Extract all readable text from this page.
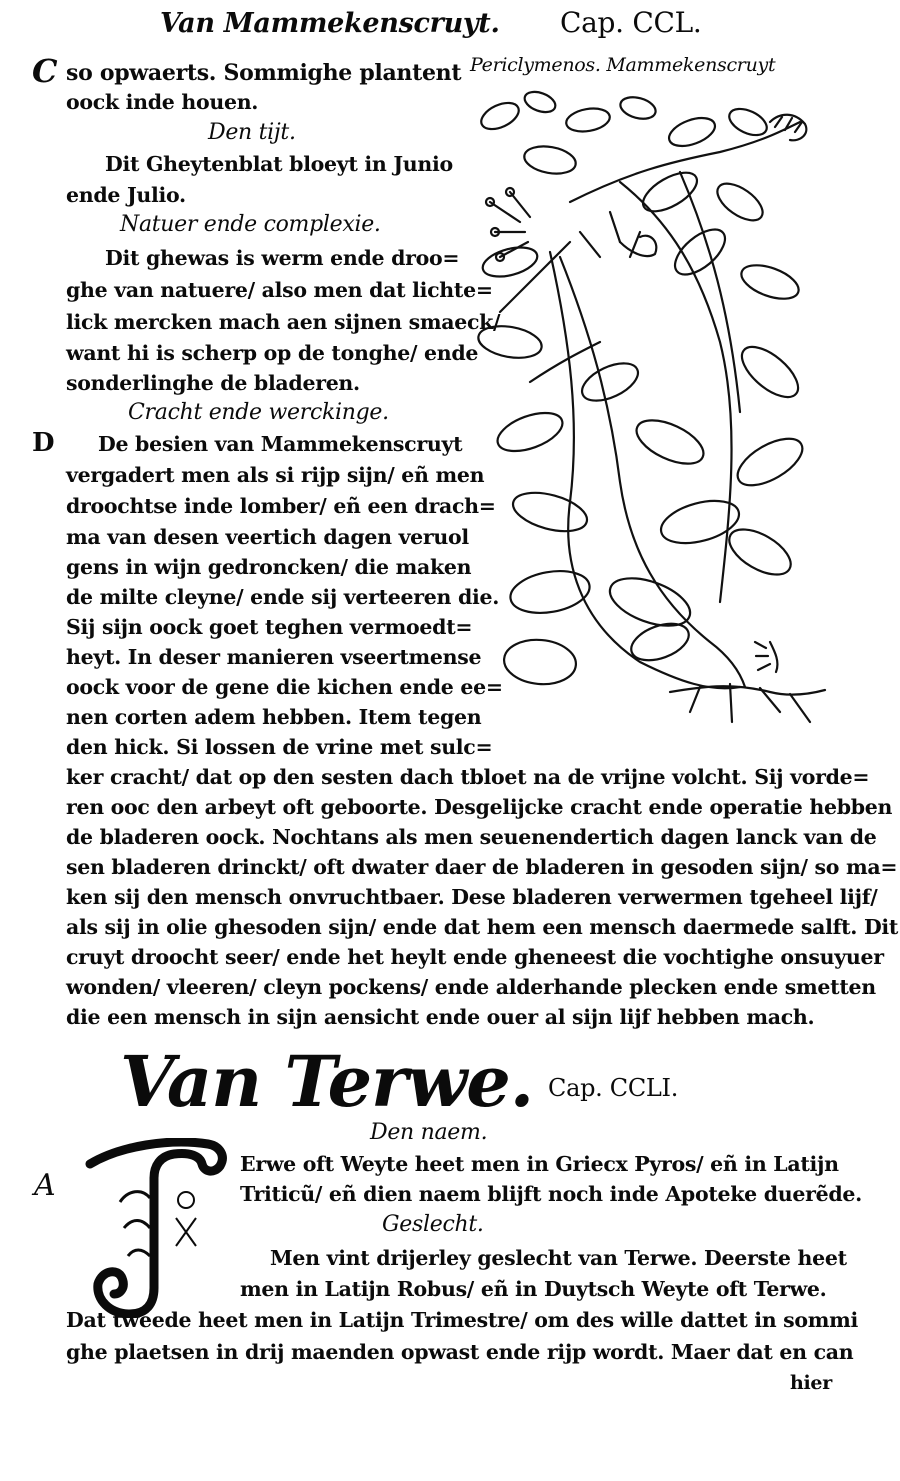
Van Mammekenscruyt. Cap. CCL.
Periclymenos. Mammekenscruyt
C
D
A
so opwaerts. Sommighe plantent
oock inde houen.
Den tijt.
Dit Gheytenblat bloeyt in Junio
ende Julio.
Natuer ende complexie.
Dit ghewas is werm ende droo=
ghe van natuere/ also men dat lichte=
lick mercken mach aen sijnen smaeck/
want hi is scherp op de tonghe/ ende
sonderlinghe de bladeren.
Cracht ende werckinge.
De besien van Mammekenscruyt
vergadert men als si rijp sijn/ eñ men
droochtse inde lomber/ eñ een drach=
ma van desen veertich dagen veruol
gens in wijn gedroncken/ die maken
de milte cleyne/ ende sij verteeren die.
Sij sijn oock goet teghen vermoedt=
heyt. In deser manieren vseertmense
oock voor de gene die kichen ende ee=
nen corten adem hebben. Item tegen
den hick. Si lossen de vrine met sulc=
ker cracht/ dat op den sesten dach tbloet na de vrijne volcht. Sij vorde=
ren ooc den arbeyt oft geboorte. Desgelijcke cracht ende operatie hebben
de bladeren oock. Nochtans als men seuenendertich dagen lanck van de
sen bladeren drinckt/ oft dwater daer de bladeren in gesoden sijn/ so ma=
ken sij den mensch onvruchtbaer. Dese bladeren verwermen tgeheel lijf/
als sij in olie ghesoden sijn/ ende dat hem een mensch daermede salft. Dit
cruyt droocht seer/ ende het heylt ende gheneest die vochtighe onsuyuer
wonden/ vleeren/ cleyn pockens/ ende alderhande plecken ende smetten
die een mensch in sijn aensicht ende ouer al sijn lijf hebben mach.
Van Terwe. Cap. CCLI.
Den naem.
Erwe oft Weyte heet men in Griecx Pyros/ eñ in Latijn
Triticũ/ eñ dien naem blijft noch inde Apoteke duerẽde.
Geslecht.
Men vint drijerley geslecht van Terwe. Deerste heet
men in Latijn Robus/ eñ in Duytsch Weyte oft Terwe.
Dat tweede heet men in Latijn Trimestre/ om des wille dattet in sommi
ghe plaetsen in drij maenden opwast ende rijp wordt. Maer dat en can
hier
